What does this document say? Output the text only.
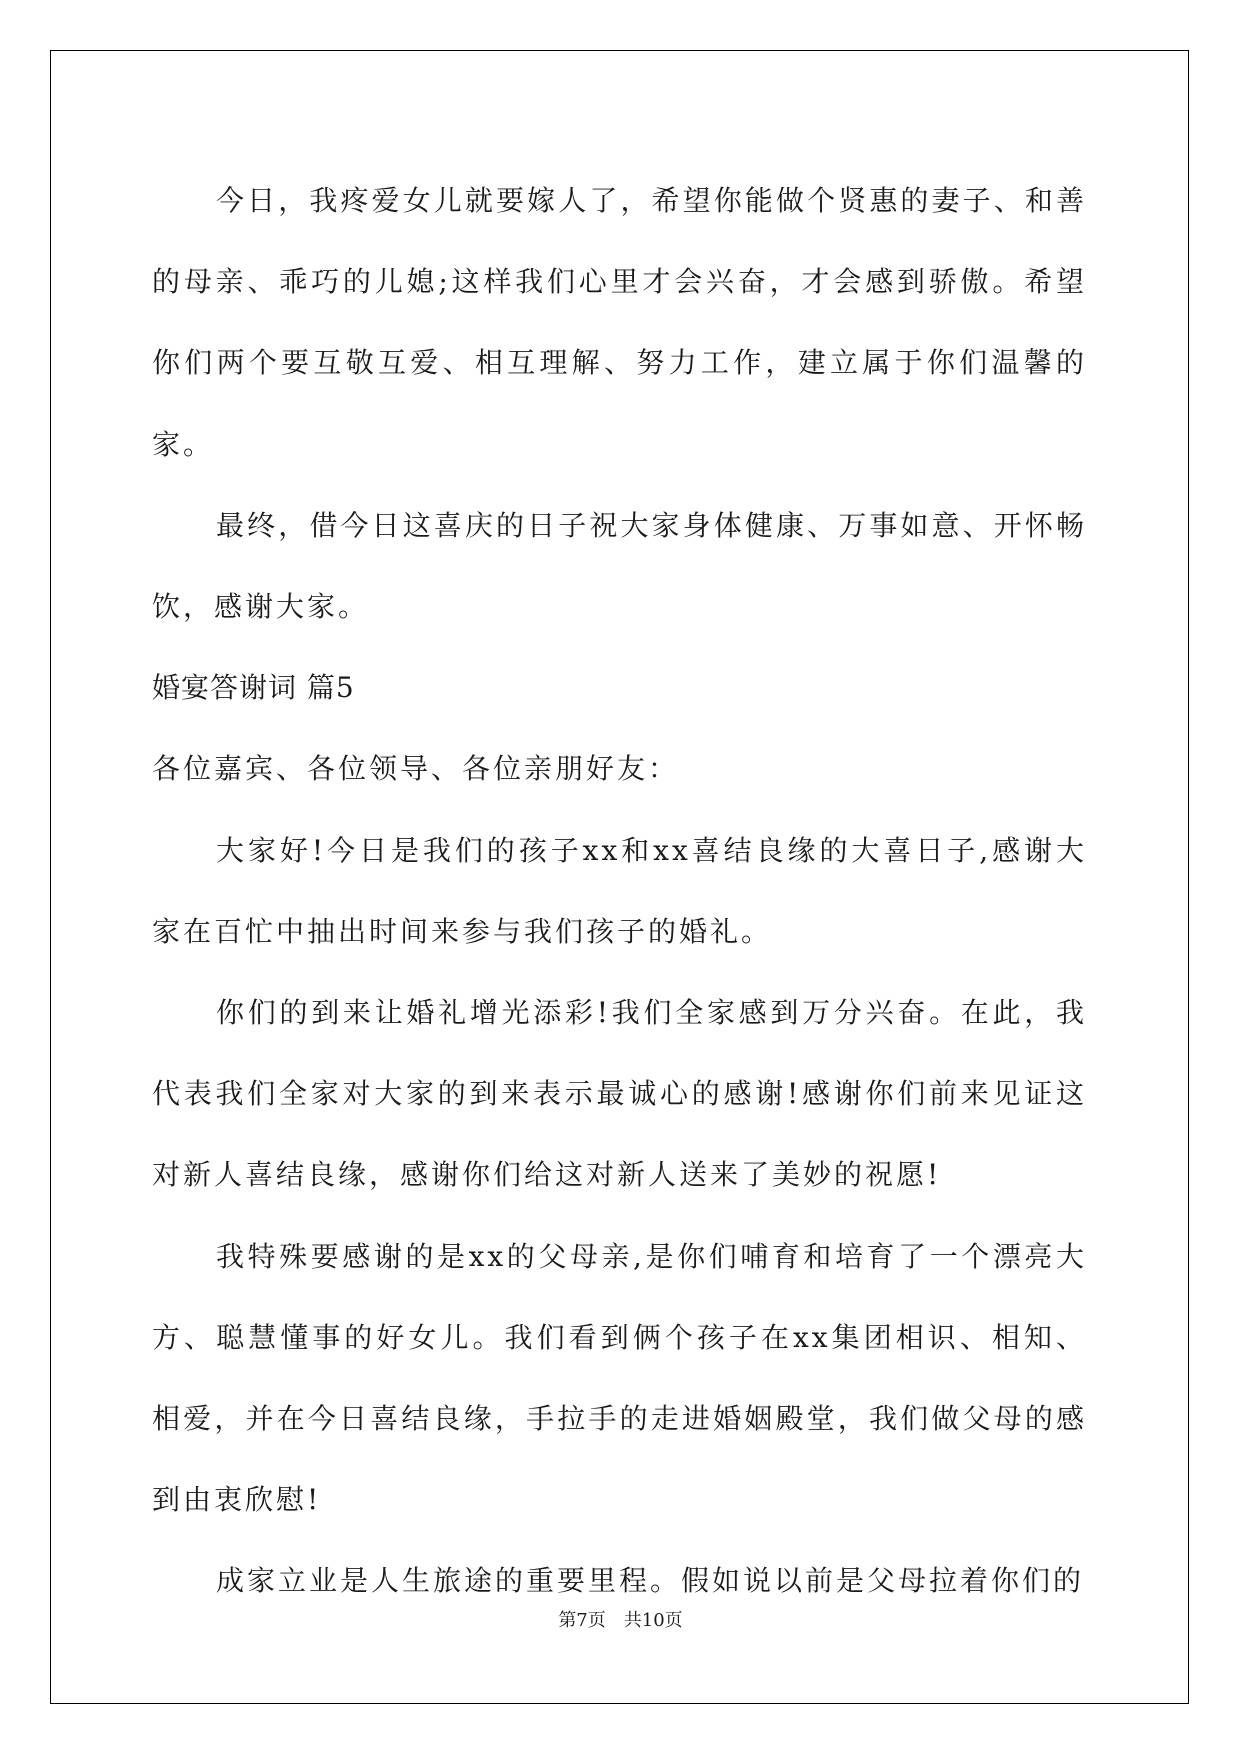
今日，我疼爱女儿就要嫁人了，希望你能做个贤惠的妻子、和善的母亲、乖巧的儿媳;这样我们心里才会兴奋，才会感到骄傲。希望你们两个要互敬互爱、相互理解、努力工作，建立属于你们温馨的家。

最终，借今日这喜庆的日子祝大家身体健康、万事如意、开怀畅饮，感谢大家。

婚宴答谢词 篇5

各位嘉宾、各位领导、各位亲朋好友：

大家好!今日是我们的孩子xx和xx喜结良缘的大喜日子,感谢大家在百忙中抽出时间来参与我们孩子的婚礼。

你们的到来让婚礼增光添彩!我们全家感到万分兴奋。在此，我代表我们全家对大家的到来表示最诚心的感谢!感谢你们前来见证这对新人喜结良缘，感谢你们给这对新人送来了美妙的祝愿!

我特殊要感谢的是xx的父母亲,是你们哺育和培育了一个漂亮大方、聪慧懂事的好女儿。我们看到俩个孩子在xx集团相识、相知、相爱，并在今日喜结良缘，手拉手的走进婚姻殿堂，我们做父母的感到由衷欣慰!

成家立业是人生旅途的重要里程。假如说以前是父母拉着你们的

第7页 共10页
